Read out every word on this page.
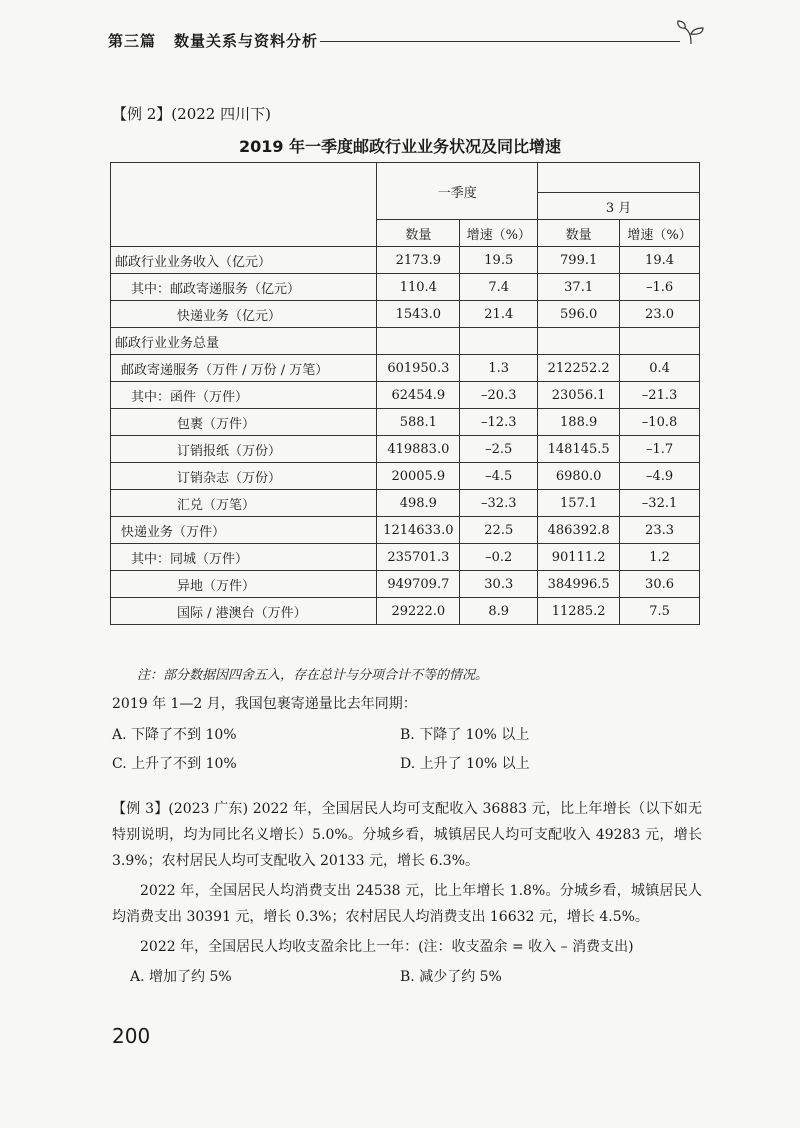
第三篇 数量关系与资料分析
【例 2】(2022 四川下)
2019 年一季度邮政行业业务状况及同比增速
	一季度			
			3 月	
	数量	增速（%）	数量	增速（%）
邮政行业业务收入（亿元）	2173.9	19.5	799.1	19.4
其中：邮政寄递服务（亿元）	110.4	7.4	37.1	–1.6
快递业务（亿元）	1543.0	21.4	596.0	23.0
邮政行业业务总量				
邮政寄递服务（万件 / 万份 / 万笔）	601950.3	1.3	212252.2	0.4
其中：函件（万件）	62454.9	–20.3	23056.1	–21.3
包裹（万件）	588.1	–12.3	188.9	–10.8
订销报纸（万份）	419883.0	–2.5	148145.5	–1.7
订销杂志（万份）	20005.9	–4.5	6980.0	–4.9
汇兑（万笔）	498.9	–32.3	157.1	–32.1
快递业务（万件）	1214633.0	22.5	486392.8	23.3
其中：同城（万件）	235701.3	–0.2	90111.2	1.2
异地（万件）	949709.7	30.3	384996.5	30.6
国际 / 港澳台（万件）	29222.0	8.9	11285.2	7.5
注：部分数据因四舍五入，存在总计与分项合计不等的情况。
2019 年 1—2 月，我国包裹寄递量比去年同期：
A. 下降了不到 10%	B. 下降了 10% 以上
C. 上升了不到 10%	D. 上升了 10% 以上
【例 3】(2023 广东) 2022 年，全国居民人均可支配收入 36883 元，比上年增长（以下如无特别说明，均为同比名义增长）5.0%。分城乡看，城镇居民人均可支配收入 49283 元，增长 3.9%；农村居民人均可支配收入 20133 元，增长 6.3%。
2022 年，全国居民人均消费支出 24538 元，比上年增长 1.8%。分城乡看，城镇居民人均消费支出 30391 元，增长 0.3%；农村居民人均消费支出 16632 元，增长 4.5%。
2022 年，全国居民人均收支盈余比上一年：(注：收支盈余 = 收入 – 消费支出)
A. 增加了约 5%	B. 减少了约 5%
200
